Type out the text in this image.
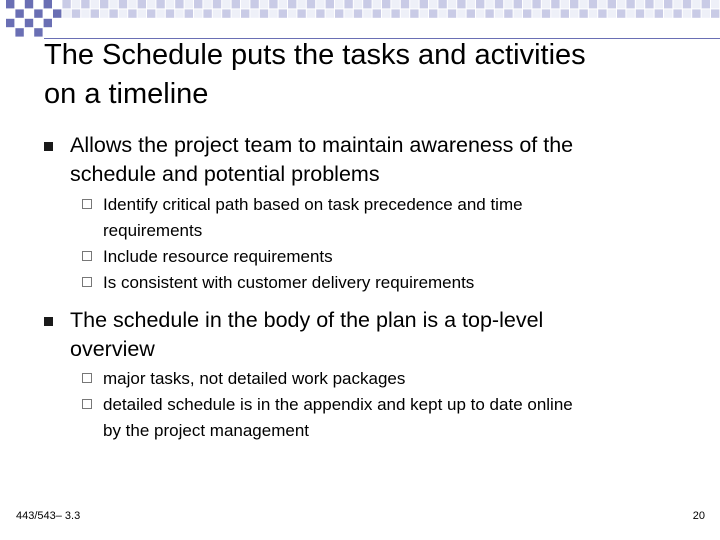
The Schedule puts the tasks and activities
on a timeline
Allows the project team to maintain awareness of the
schedule and potential problems
Identify critical path based on task precedence and time
requirements
Include resource requirements
Is consistent with customer delivery requirements
The schedule in the body of the plan is a top-level
overview
major tasks, not detailed work packages
detailed schedule is in the appendix and kept up to date online
by the project management
443/543– 3.3	20
